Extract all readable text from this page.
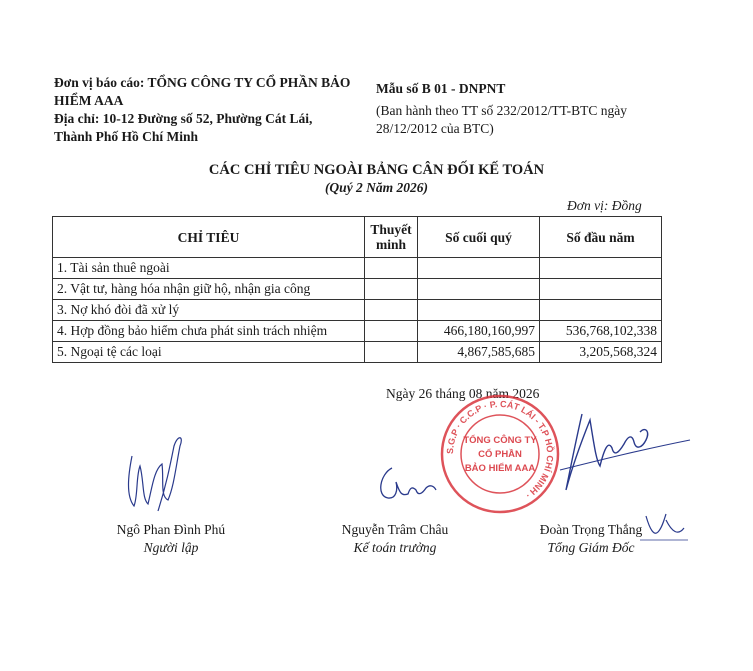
Đơn vị báo cáo: TỔNG CÔNG TY CỔ PHẦN BẢO
HIỂM AAA
Địa chỉ: 10-12 Đường số 52, Phường Cát Lái,
Thành Phố Hồ Chí Minh
Mẫu số B 01 - DNPNT
(Ban hành theo TT số 232/2012/TT-BTC ngày
28/12/2012 của BTC)
CÁC CHỈ TIÊU NGOÀI BẢNG CÂN ĐỐI KẾ TOÁN
(Quý 2 Năm 2026)
Đơn vị: Đồng
CHỈ TIÊU	Thuyết minh	Số cuối quý	Số đầu năm
1. Tài sản thuê ngoài			
2. Vật tư, hàng hóa nhận giữ hộ, nhận gia công			
3. Nợ khó đòi đã xử lý			
4. Hợp đồng bảo hiểm chưa phát sinh trách nhiệm		466,180,160,997	536,768,102,338
5. Ngoại tệ các loại		4,867,585,685	3,205,568,324
Ngày 26 tháng 08 năm 2026
S.G.P · C.C.P · P. CÁT LÁI - T.P HỒ CHÍ MINH ·
TỔNG CÔNG TY
CỔ PHẦN
BẢO HIỂM AAA
Ngô Phan Đình Phú
Người lập
Nguyễn Trâm Châu
Kế toán trưởng
Đoàn Trọng Thắng
Tổng Giám Đốc
